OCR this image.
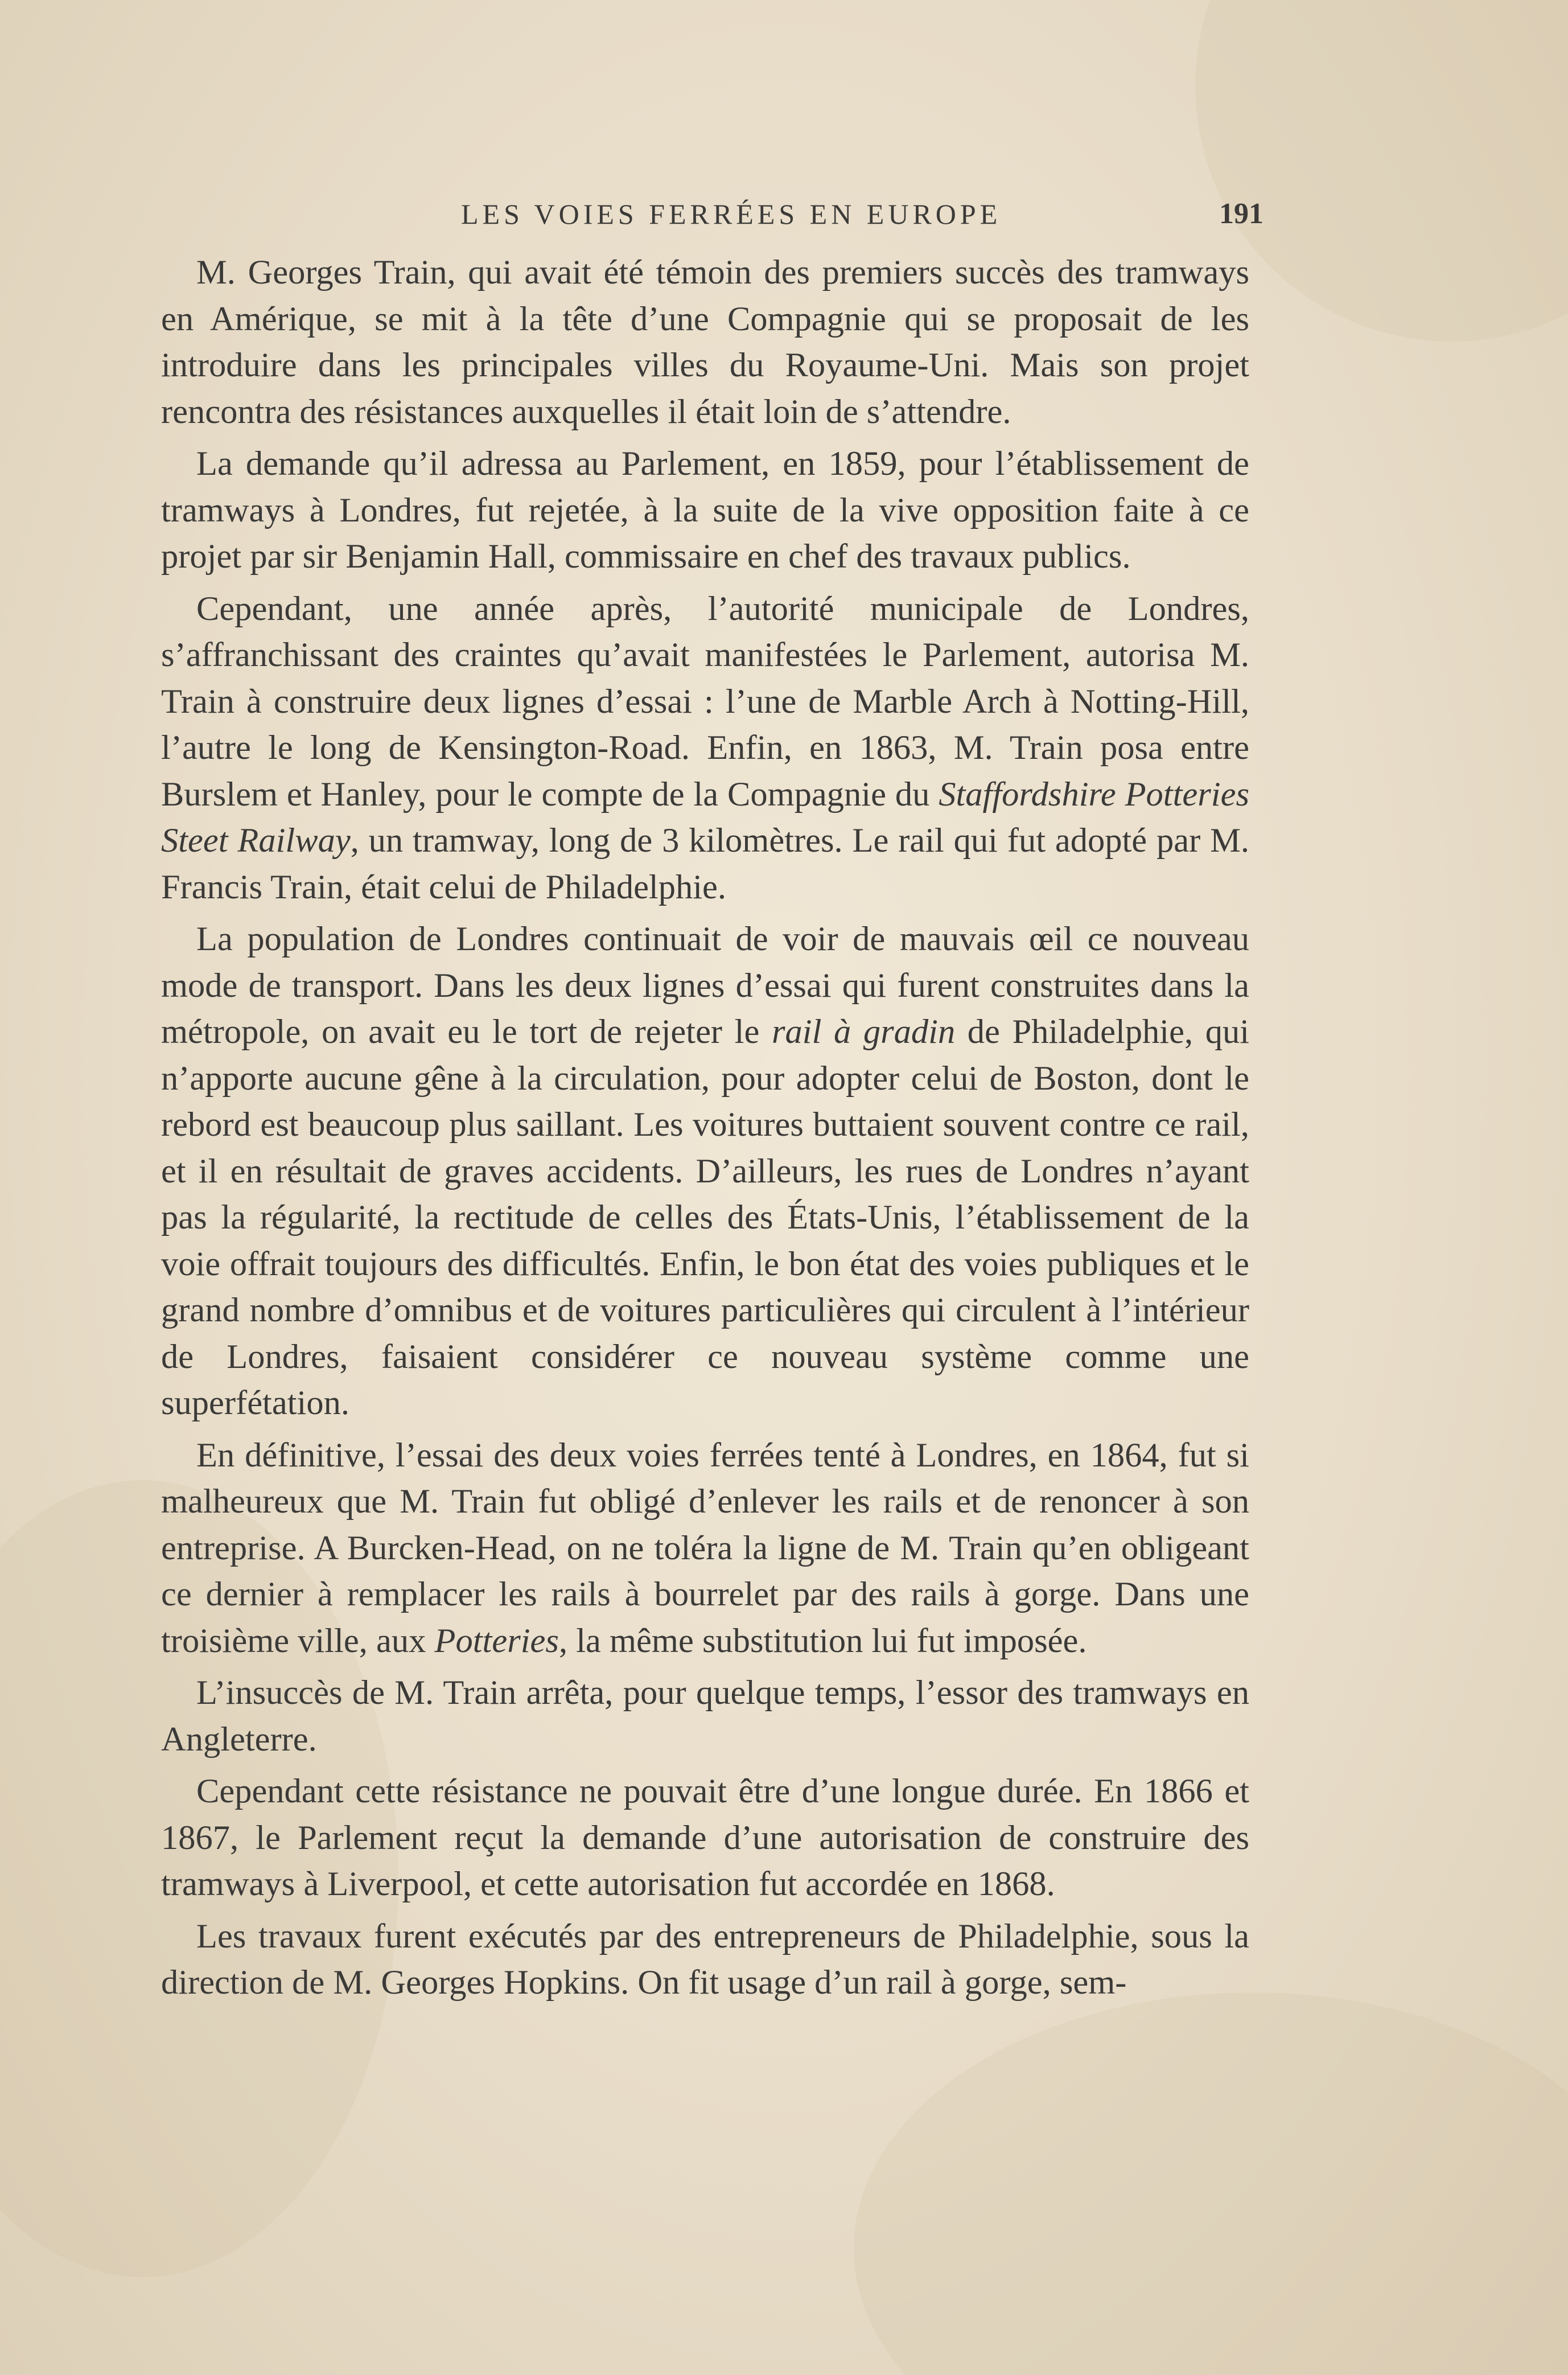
LES VOIES FERRÉES EN EUROPE	191

M. Georges Train, qui avait été témoin des premiers succès des tramways en Amérique, se mit à la tête d’une Compagnie qui se proposait de les introduire dans les principales villes du Royaume-Uni. Mais son projet rencontra des résistances auxquelles il était loin de s’attendre.

La demande qu’il adressa au Parlement, en 1859, pour l’établissement de tramways à Londres, fut rejetée, à la suite de la vive opposition faite à ce projet par sir Benjamin Hall, commissaire en chef des travaux publics.

Cependant, une année après, l’autorité municipale de Londres, s’affranchissant des craintes qu’avait manifestées le Parlement, autorisa M. Train à construire deux lignes d’essai : l’une de Marble Arch à Notting-Hill, l’autre le long de Kensington-Road. Enfin, en 1863, M. Train posa entre Burslem et Hanley, pour le compte de la Compagnie du Staffordshire Potteries Steet Railway, un tramway, long de 3 kilomètres. Le rail qui fut adopté par M. Francis Train, était celui de Philadelphie.

La population de Londres continuait de voir de mauvais œil ce nouveau mode de transport. Dans les deux lignes d’essai qui furent construites dans la métropole, on avait eu le tort de rejeter le rail à gradin de Philadelphie, qui n’apporte aucune gêne à la circulation, pour adopter celui de Boston, dont le rebord est beaucoup plus saillant. Les voitures buttaient souvent contre ce rail, et il en résultait de graves accidents. D’ailleurs, les rues de Londres n’ayant pas la régularité, la rectitude de celles des États-Unis, l’établissement de la voie offrait toujours des difficultés. Enfin, le bon état des voies publiques et le grand nombre d’omnibus et de voitures particulières qui circulent à l’intérieur de Londres, faisaient considérer ce nouveau système comme une superfétation.

En définitive, l’essai des deux voies ferrées tenté à Londres, en 1864, fut si malheureux que M. Train fut obligé d’enlever les rails et de renoncer à son entreprise. A Burcken-Head, on ne toléra la ligne de M. Train qu’en obligeant ce dernier à remplacer les rails à bourrelet par des rails à gorge. Dans une troisième ville, aux Potteries, la même substitution lui fut imposée.

L’insuccès de M. Train arrêta, pour quelque temps, l’essor des tramways en Angleterre.

Cependant cette résistance ne pouvait être d’une longue durée. En 1866 et 1867, le Parlement reçut la demande d’une autorisation de construire des tramways à Liverpool, et cette autorisation fut accordée en 1868.

Les travaux furent exécutés par des entrepreneurs de Philadelphie, sous la direction de M. Georges Hopkins. On fit usage d’un rail à gorge, sem-
